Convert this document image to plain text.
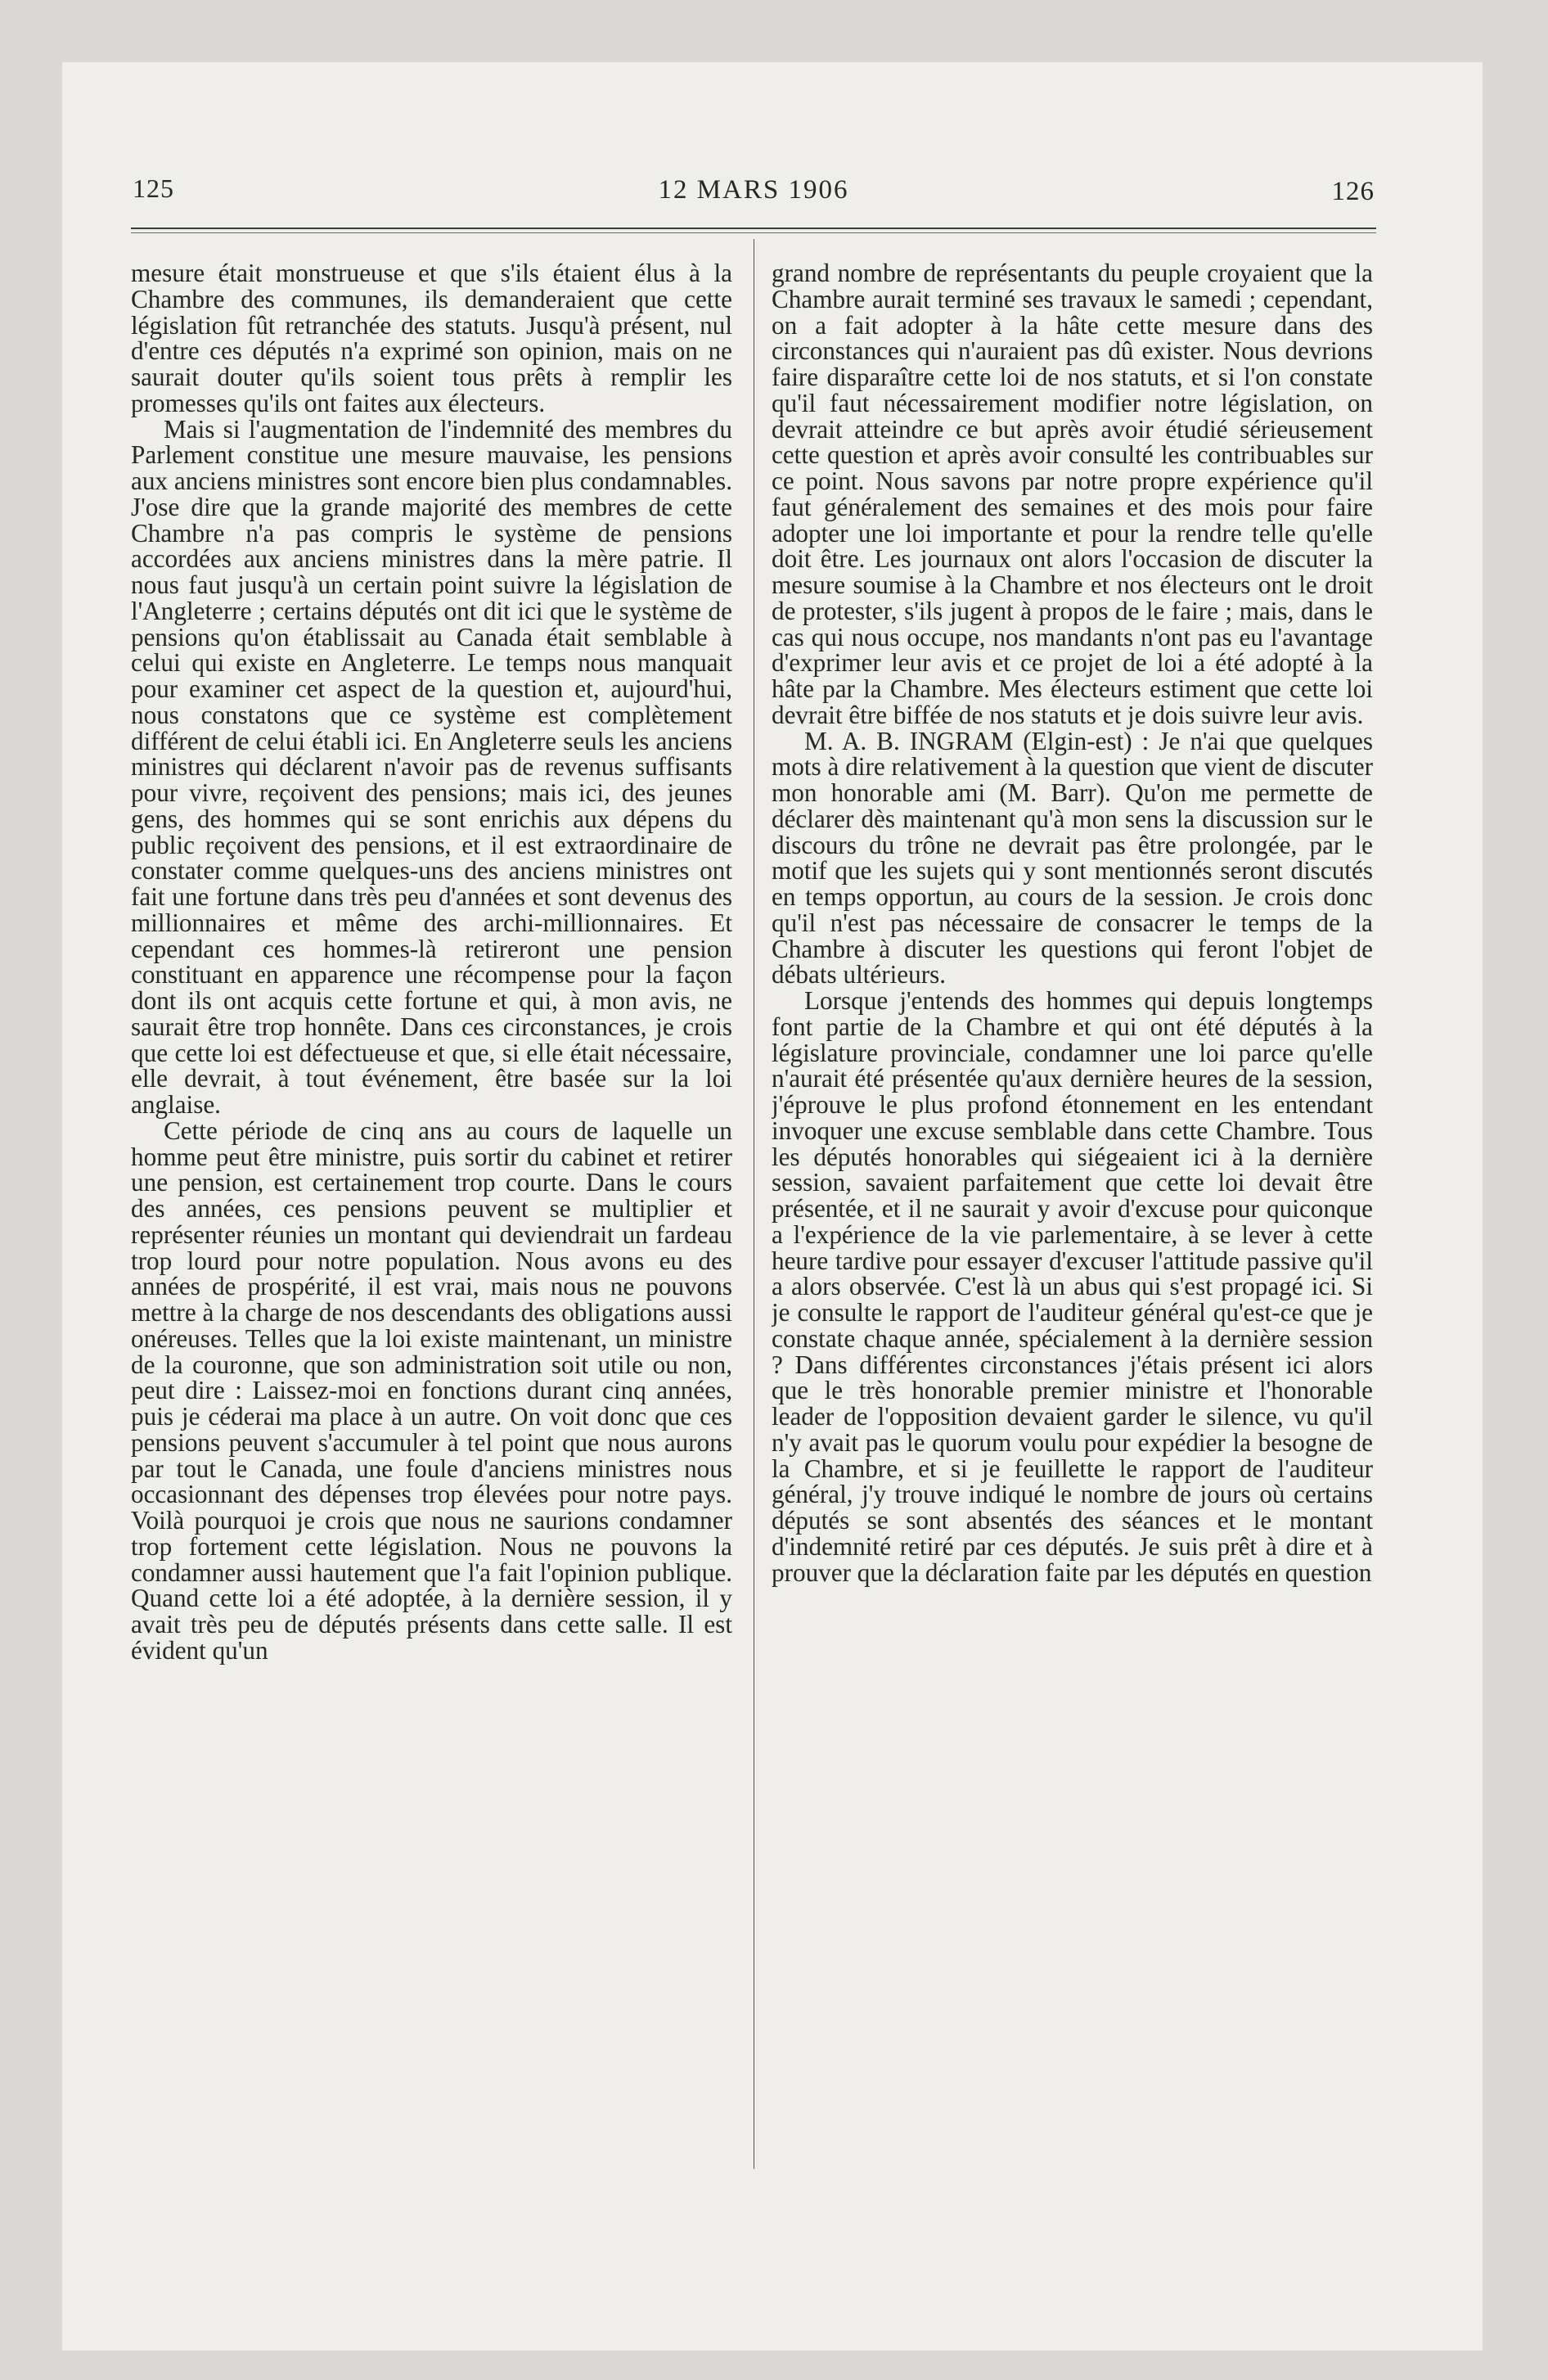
125	12 MARS 1906	126

mesure était monstrueuse et que s'ils étaient élus à la Chambre des communes, ils demanderaient que cette législation fût retranchée des statuts. Jusqu'à présent, nul d'entre ces députés n'a exprimé son opinion, mais on ne saurait douter qu'ils soient tous prêts à remplir les promesses qu'ils ont faites aux électeurs.

Mais si l'augmentation de l'indemnité des membres du Parlement constitue une mesure mauvaise, les pensions aux anciens ministres sont encore bien plus condamnables. J'ose dire que la grande majorité des membres de cette Chambre n'a pas compris le système de pensions accordées aux anciens ministres dans la mère patrie. Il nous faut jusqu'à un certain point suivre la législation de l'Angleterre ; certains députés ont dit ici que le système de pensions qu'on établissait au Canada était semblable à celui qui existe en Angleterre. Le temps nous manquait pour examiner cet aspect de la question et, aujourd'hui, nous constatons que ce système est complètement différent de celui établi ici. En Angleterre seuls les anciens ministres qui déclarent n'avoir pas de revenus suffisants pour vivre, reçoivent des pensions; mais ici, des jeunes gens, des hommes qui se sont enrichis aux dépens du public reçoivent des pensions, et il est extraordinaire de constater comme quelques-uns des anciens ministres ont fait une fortune dans très peu d'années et sont devenus des millionnaires et même des archi-millionnaires. Et cependant ces hommes-là retireront une pension constituant en apparence une récompense pour la façon dont ils ont acquis cette fortune et qui, à mon avis, ne saurait être trop honnête. Dans ces circonstances, je crois que cette loi est défectueuse et que, si elle était nécessaire, elle devrait, à tout événement, être basée sur la loi anglaise.

Cette période de cinq ans au cours de laquelle un homme peut être ministre, puis sortir du cabinet et retirer une pension, est certainement trop courte. Dans le cours des années, ces pensions peuvent se multiplier et représenter réunies un montant qui deviendrait un fardeau trop lourd pour notre population. Nous avons eu des années de prospérité, il est vrai, mais nous ne pouvons mettre à la charge de nos descendants des obligations aussi onéreuses. Telles que la loi existe maintenant, un ministre de la couronne, que son administration soit utile ou non, peut dire : Laissez-moi en fonctions durant cinq années, puis je céderai ma place à un autre. On voit donc que ces pensions peuvent s'accumuler à tel point que nous aurons par tout le Canada, une foule d'anciens ministres nous occasionnant des dépenses trop élevées pour notre pays. Voilà pourquoi je crois que nous ne saurions condamner trop fortement cette législation. Nous ne pouvons la condamner aussi hautement que l'a fait l'opinion publique. Quand cette loi a été adoptée, à la dernière session, il y avait très peu de députés présents dans cette salle. Il est évident qu'un

grand nombre de représentants du peuple croyaient que la Chambre aurait terminé ses travaux le samedi ; cependant, on a fait adopter à la hâte cette mesure dans des circonstances qui n'auraient pas dû exister. Nous devrions faire disparaître cette loi de nos statuts, et si l'on constate qu'il faut nécessairement modifier notre législation, on devrait atteindre ce but après avoir étudié sérieusement cette question et après avoir consulté les contribuables sur ce point. Nous savons par notre propre expérience qu'il faut généralement des semaines et des mois pour faire adopter une loi importante et pour la rendre telle qu'elle doit être. Les journaux ont alors l'occasion de discuter la mesure soumise à la Chambre et nos électeurs ont le droit de protester, s'ils jugent à propos de le faire ; mais, dans le cas qui nous occupe, nos mandants n'ont pas eu l'avantage d'exprimer leur avis et ce projet de loi a été adopté à la hâte par la Chambre. Mes électeurs estiment que cette loi devrait être biffée de nos statuts et je dois suivre leur avis.

M. A. B. INGRAM (Elgin-est) : Je n'ai que quelques mots à dire relativement à la question que vient de discuter mon honorable ami (M. Barr). Qu'on me permette de déclarer dès maintenant qu'à mon sens la discussion sur le discours du trône ne devrait pas être prolongée, par le motif que les sujets qui y sont mentionnés seront discutés en temps opportun, au cours de la session. Je crois donc qu'il n'est pas nécessaire de consacrer le temps de la Chambre à discuter les questions qui feront l'objet de débats ultérieurs.

Lorsque j'entends des hommes qui depuis longtemps font partie de la Chambre et qui ont été députés à la législature provinciale, condamner une loi parce qu'elle n'aurait été présentée qu'aux dernière heures de la session, j'éprouve le plus profond étonnement en les entendant invoquer une excuse semblable dans cette Chambre. Tous les députés honorables qui siégeaient ici à la dernière session, savaient parfaitement que cette loi devait être présentée, et il ne saurait y avoir d'excuse pour quiconque a l'expérience de la vie parlementaire, à se lever à cette heure tardive pour essayer d'excuser l'attitude passive qu'il a alors observée. C'est là un abus qui s'est propagé ici. Si je consulte le rapport de l'auditeur général qu'est-ce que je constate chaque année, spécialement à la dernière session ? Dans différentes circonstances j'étais présent ici alors que le très honorable premier ministre et l'honorable leader de l'opposition devaient garder le silence, vu qu'il n'y avait pas le quorum voulu pour expédier la besogne de la Chambre, et si je feuillette le rapport de l'auditeur général, j'y trouve indiqué le nombre de jours où certains députés se sont absentés des séances et le montant d'indemnité retiré par ces députés. Je suis prêt à dire et à prouver que la déclaration faite par les députés en question
